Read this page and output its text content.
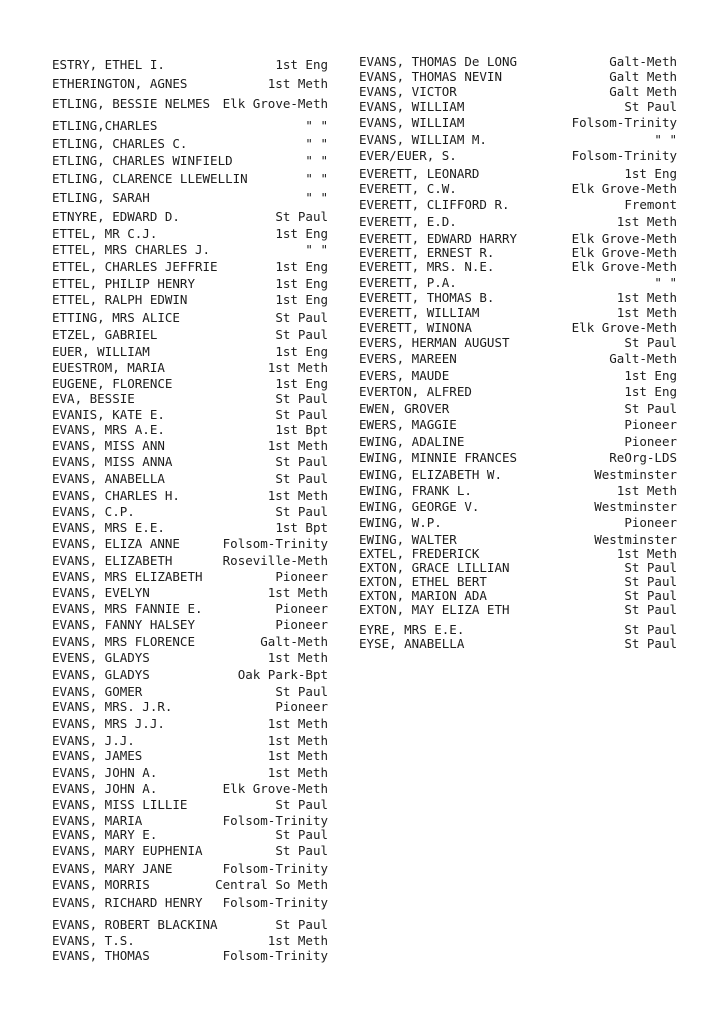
ESTRY, ETHEL I.	1st Eng
ETHERINGTON, AGNES	1st Meth
ETLING, BESSIE NELMES Elk Grove-Meth
ETLING,CHARLES	" "
ETLING, CHARLES C.	" "
ETLING, CHARLES WINFIELD	" "
ETLING, CLARENCE LLEWELLIN	" "
ETLING, SARAH	" "
ETNYRE, EDWARD D.	St Paul
ETTEL, MR C.J.	1st Eng
ETTEL, MRS CHARLES J.	" "
ETTEL, CHARLES JEFFRIE	1st Eng
ETTEL, PHILIP HENRY	1st Eng
ETTEL, RALPH EDWIN	1st Eng
ETTING, MRS ALICE	St Paul
ETZEL, GABRIEL	St Paul
EUER, WILLIAM	1st Eng
EUESTROM, MARIA	1st Meth
EUGENE, FLORENCE	1st Eng
EVA, BESSIE	St Paul
EVANIS, KATE E.	St Paul
EVANS, MRS A.E.	1st Bpt
EVANS, MISS ANN	1st Meth
EVANS, MISS ANNA	St Paul
EVANS, ANABELLA	St Paul
EVANS, CHARLES H.	1st Meth
EVANS, C.P.	St Paul
EVANS, MRS E.E.	1st Bpt
EVANS, ELIZA ANNE	Folsom-Trinity
EVANS, ELIZABETH	Roseville-Meth
EVANS, MRS ELIZABETH	Pioneer
EVANS, EVELYN	1st Meth
EVANS, MRS FANNIE E.	Pioneer
EVANS, FANNY HALSEY	Pioneer
EVANS, MRS FLORENCE	Galt-Meth
EVENS, GLADYS	1st Meth
EVANS, GLADYS	Oak Park-Bpt
EVANS, GOMER	St Paul
EVANS, MRS. J.R.	Pioneer
EVANS, MRS J.J.	1st Meth
EVANS, J.J.	1st Meth
EVANS, JAMES	1st Meth
EVANS, JOHN A.	1st Meth
EVANS, JOHN A.	Elk Grove-Meth
EVANS, MISS LILLIE	St Paul
EVANS, MARIA	Folsom-Trinity
EVANS, MARY E.	St Paul
EVANS, MARY EUPHENIA	St Paul
EVANS, MARY JANE	Folsom-Trinity
EVANS, MORRIS	Central So Meth
EVANS, RICHARD HENRY Folsom-Trinity
EVANS, ROBERT BLACKINA	St Paul
EVANS, T.S.	1st Meth
EVANS, THOMAS	Folsom-Trinity
EVANS, THOMAS De LONG	Galt-Meth
EVANS, THOMAS NEVIN	Galt Meth
EVANS, VICTOR	Galt Meth
EVANS, WILLIAM	St Paul
EVANS, WILLIAM	Folsom-Trinity
EVANS, WILLIAM M.	" "
EVER/EUER, S.	Folsom-Trinity
EVERETT, LEONARD	1st Eng
EVERETT, C.W.	Elk Grove-Meth
EVERETT, CLIFFORD R.	Fremont
EVERETT, E.D.	1st Meth
EVERETT, EDWARD HARRY	Elk Grove-Meth
EVERETT, ERNEST R.	Elk Grove-Meth
EVERETT, MRS. N.E.	Elk Grove-Meth
EVERETT, P.A.	" "
EVERETT, THOMAS B.	1st Meth
EVERETT, WILLIAM	1st Meth
EVERETT, WINONA	Elk Grove-Meth
EVERS, HERMAN AUGUST	St Paul
EVERS, MAREEN	Galt-Meth
EVERS, MAUDE	1st Eng
EVERTON, ALFRED	1st Eng
EWEN, GROVER	St Paul
EWERS, MAGGIE	Pioneer
EWING, ADALINE	Pioneer
EWING, MINNIE FRANCES	ReOrg-LDS
EWING, ELIZABETH W.	Westminster
EWING, FRANK L.	1st Meth
EWING, GEORGE V.	Westminster
EWING, W.P.	Pioneer
EWING, WALTER	Westminster
EXTEL, FREDERICK	1st Meth
EXTON, GRACE LILLIAN	St Paul
EXTON, ETHEL BERT	St Paul
EXTON, MARION ADA	St Paul
EXTON, MAY ELIZA ETH	St Paul
EYRE, MRS E.E.	St Paul
EYSE, ANABELLA	St Paul
